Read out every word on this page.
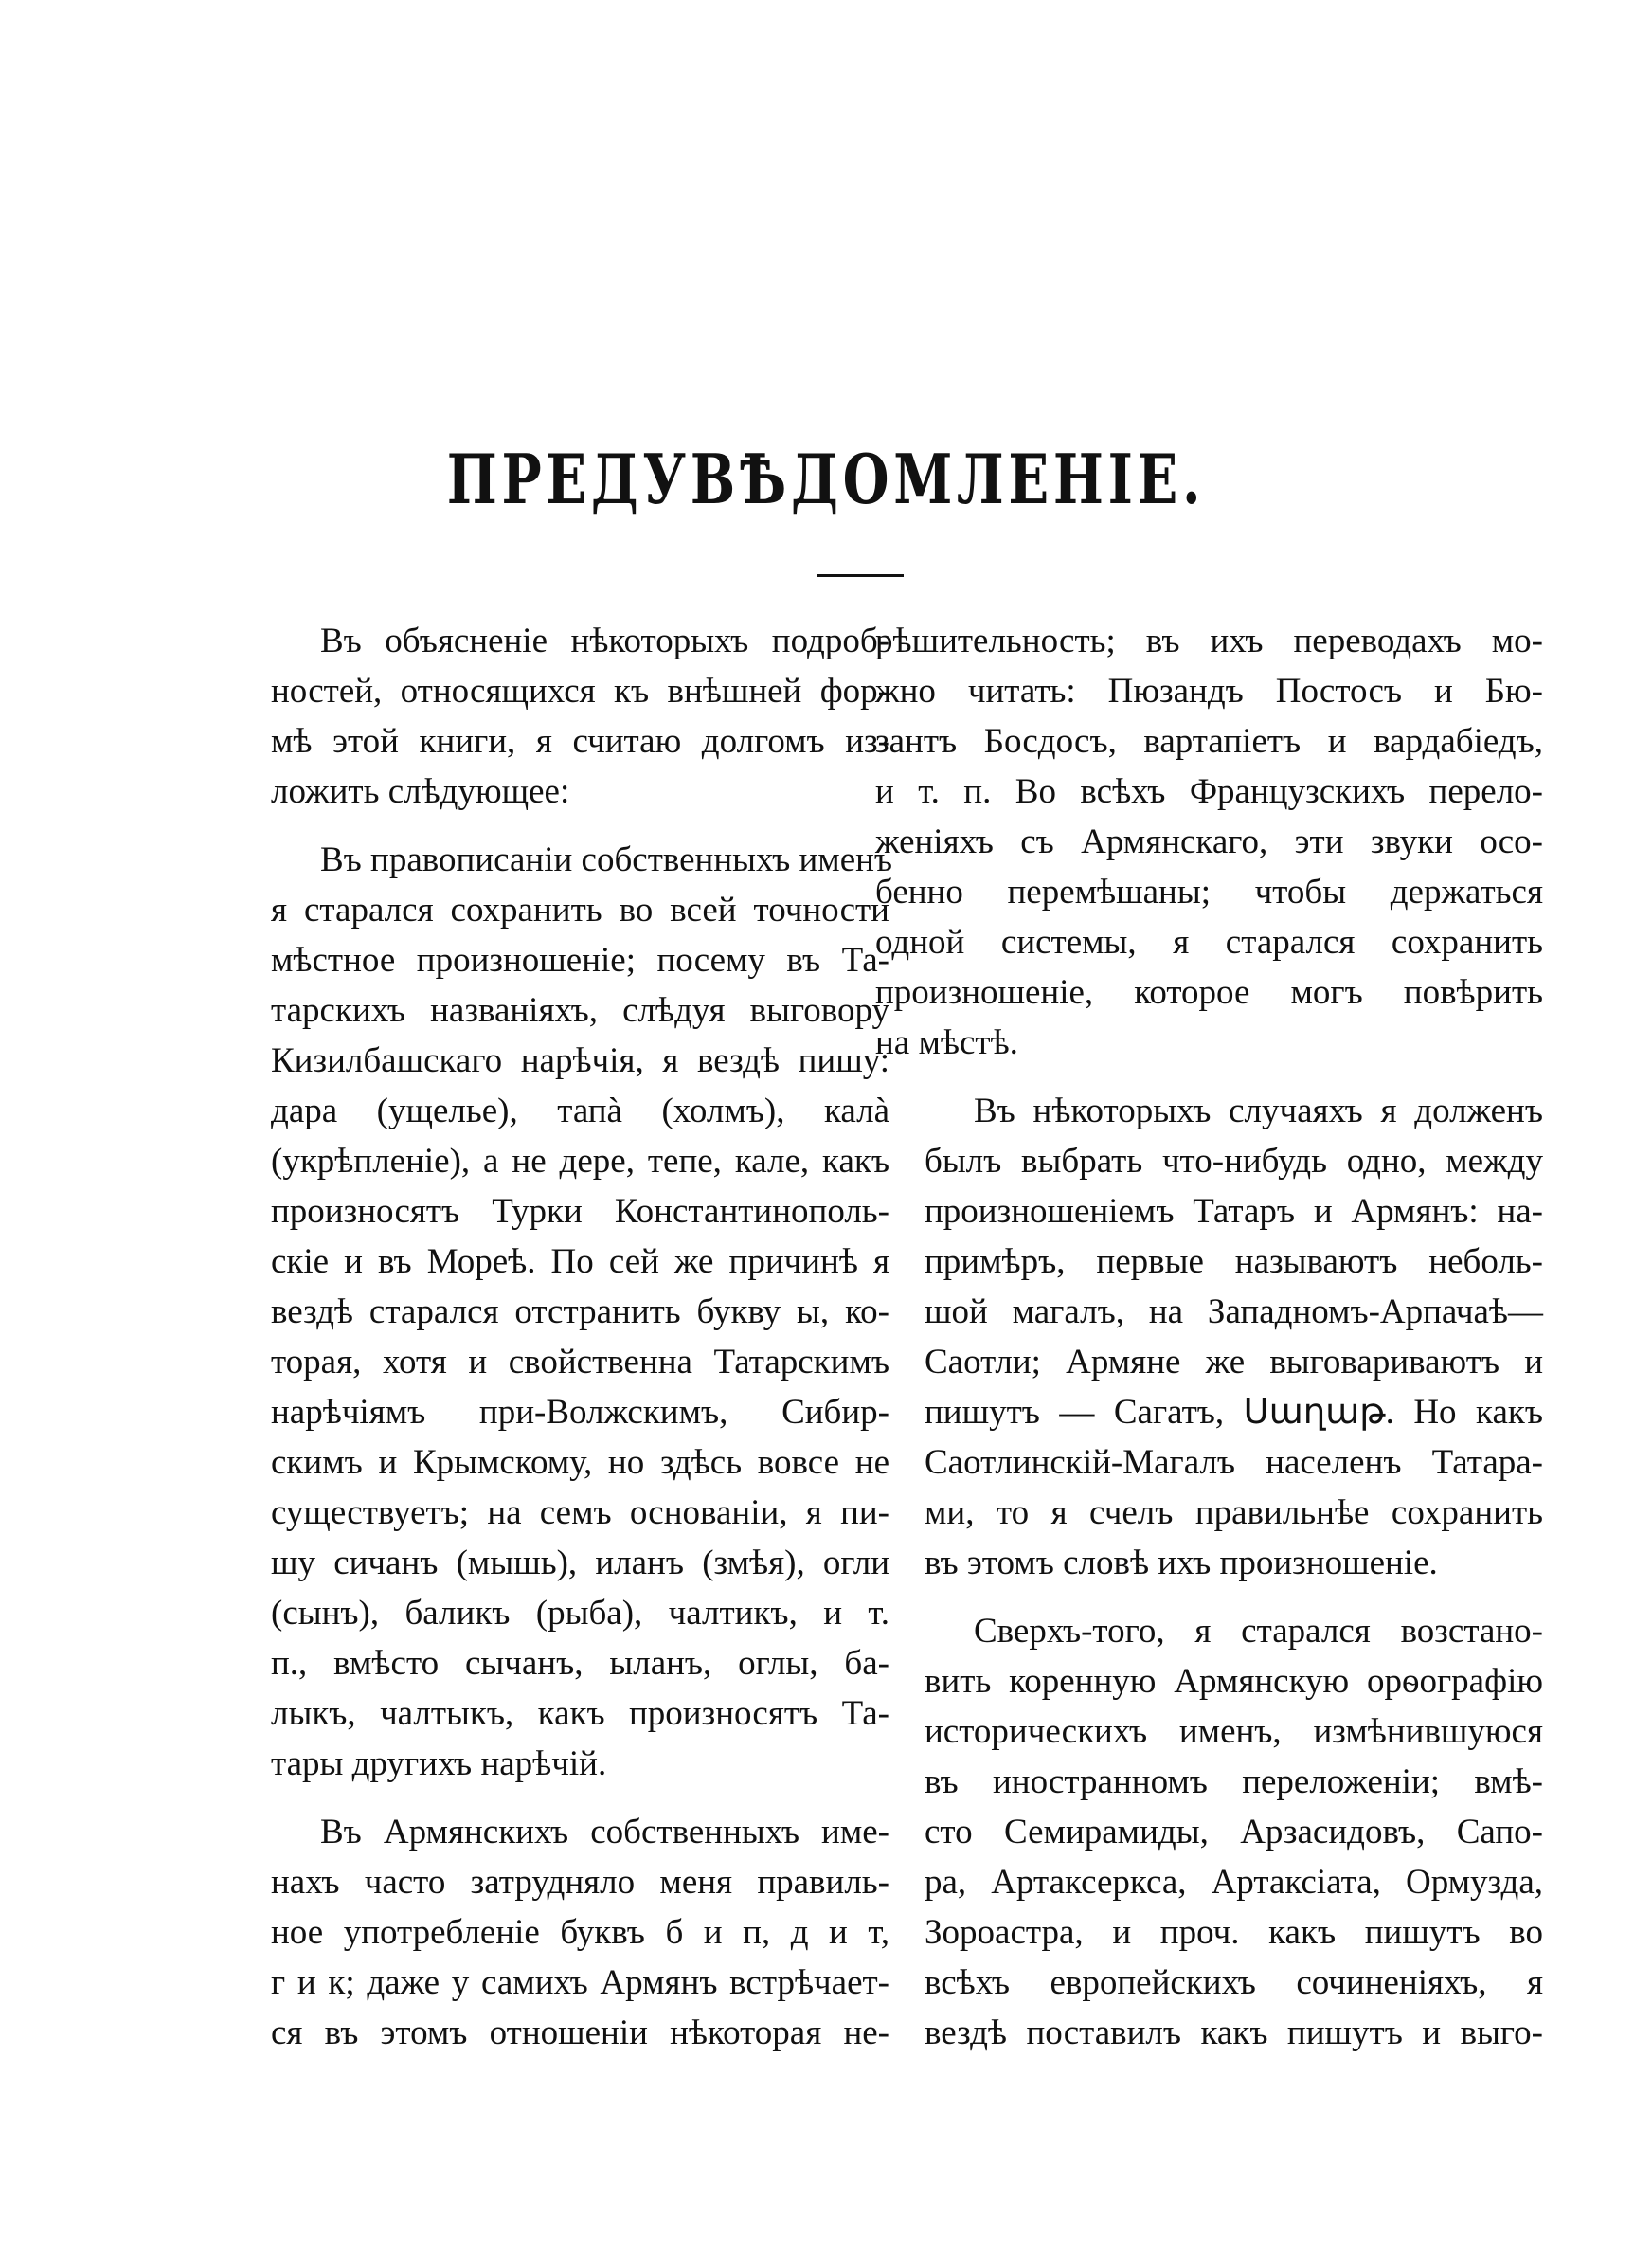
ПРЕДУВѢДОМЛЕНІЕ.

Въ объясненіе нѣкоторыхъ подроб-
ностей, относящихся къ внѣшней фор-
мѣ этой книги, я считаю долгомъ из-
ложить слѣдующее:

Въ правописаніи собственныхъ именъ
я старался сохранить во всей точности
мѣстное произношеніе; посему въ Та-
тарскихъ названіяхъ, слѣдуя выговору
Кизилбашскаго нарѣчія, я вездѣ пишу:
дара (ущелье), тапà (холмъ), калà
(укрѣпленіе), а не дере, тепе, кале, какъ
произносятъ Турки Константинополь-
скіе и въ Мореѣ. По сей же причинѣ я
вездѣ старался отстранить букву ы, ко-
торая, хотя и свойственна Татарскимъ
нарѣчіямъ при-Волжскимъ, Сибир-
скимъ и Крымскому, но здѣсь вовсе не
существуетъ; на семъ основаніи, я пи-
шу сичанъ (мышь), иланъ (змѣя), огли
(сынъ), баликъ (рыба), чалтикъ, и т.
п., вмѣсто сычанъ, ыланъ, оглы, ба-
лыкъ, чалтыкъ, какъ произносятъ Та-
тары другихъ нарѣчій.

Въ Армянскихъ собственныхъ име-
нахъ часто затрудняло меня правиль-
ное употребленіе буквъ б и п, д и т,
г и к; даже у самихъ Армянъ встрѣчает-
ся въ этомъ отношеніи нѣкоторая не-

рѣшительность; въ ихъ переводахъ мо-
жно читать: Пюзандъ Постосъ и Бю-
зантъ Босдосъ, вартапіетъ и вардабіедъ,
и т. п. Во всѣхъ Французскихъ перело-
женіяхъ съ Армянскаго, эти звуки осо-
бенно перемѣшаны; чтобы держаться
одной системы, я старался сохранить
произношеніе, которое могъ повѣрить
на мѣстѣ.

Въ нѣкоторыхъ случаяхъ я долженъ
былъ выбрать что-нибудь одно, между
произношеніемъ Татаръ и Армянъ: на-
примѣръ, первые называютъ неболь-
шой магалъ, на Западномъ-Арпачаѣ—
Саотли; Армяне же выговариваютъ и
пишутъ — Сагатъ, Սաղաթ. Но какъ
Саотлинскій-Магалъ населенъ Татара-
ми, то я счелъ правильнѣе сохранить
въ этомъ словѣ ихъ произношеніе.

Сверхъ-того, я старался возстано-
вить коренную Армянскую орѳографію
историческихъ именъ, измѣнившуюся
въ иностранномъ переложеніи; вмѣ-
сто Семирамиды, Арзасидовъ, Сапо-
ра, Артаксеркса, Артаксіата, Ормузда,
Зороастра, и проч. какъ пишутъ во
всѣхъ европейскихъ сочиненіяхъ, я
вездѣ поставилъ какъ пишутъ и выго-
